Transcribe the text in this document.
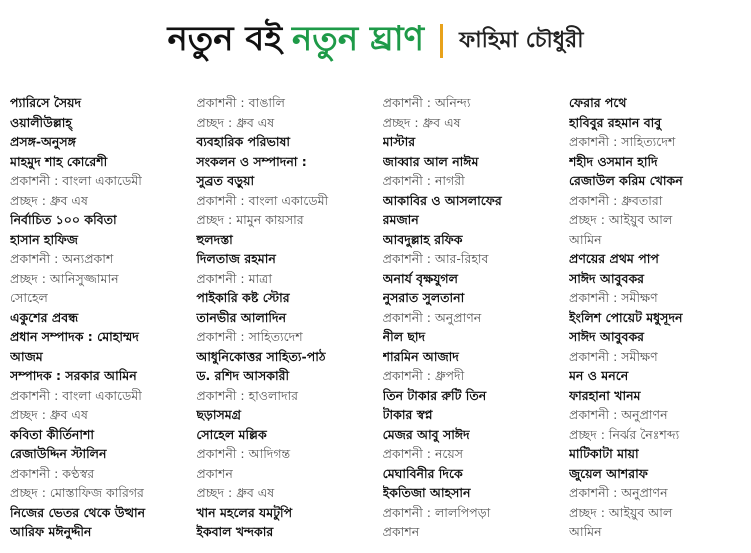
নতুন বই নতুন ঘ্রাণ ফাহিমা চৌধুরী
প্যারিসে সৈয়দ
ওয়ালীউল্লাহ্
প্রসঙ্গ-অনুসঙ্গ
মাহমুদ শাহ কোরেশী
প্রকাশনী : বাংলা একাডেমী
প্রচ্ছদ : ধ্রুব এষ
নির্বাচিত ১০০ কবিতা
হাসান হাফিজ
প্রকাশনী : অন্যপ্রকাশ
প্রচ্ছদ : আনিসুজ্জামান
সোহেল
একুশের প্রবন্ধ
প্রধান সম্পাদক : মোহাম্মদ
আজম
সম্পাদক : সরকার আমিন
প্রকাশনী : বাংলা একাডেমী
প্রচ্ছদ : ধ্রুব এষ
কবিতা কীর্তিনাশা
রেজাউদ্দিন স্টালিন
প্রকাশনী : কণ্ঠস্বর
প্রচ্ছদ : মোস্তাফিজ কারিগর
নিজের ভেতর থেকে উত্থান
আরিফ মঈনুদ্দীন
প্রকাশনী : বাঙালি
প্রচ্ছদ : ধ্রুব এষ
ব্যবহারিক পরিভাষা
সংকলন ও সম্পাদনা :
সুব্রত বড়ুয়া
প্রকাশনী : বাংলা একাডেমী
প্রচ্ছদ : মামুন কায়সার
হুলদস্তা
দিলতাজ রহমান
প্রকাশনী : মাত্রা
পাইকারি কষ্ট স্টোর
তানভীর আলাদিন
প্রকাশনী : সাহিত্যদেশ
আধুনিকোত্তর সাহিত্য-পাঠ
ড. রশিদ আসকারী
প্রকাশনী : হাওলাদার
ছড়াসমগ্র
সোহেল মল্লিক
প্রকাশনী : আদিগন্ত
প্রকাশন
প্রচ্ছদ : ধ্রুব এষ
খান মহলের যমটুপি
ইকবাল খন্দকার
প্রকাশনী : অনিন্দ্য
প্রচ্ছদ : ধ্রুব এষ
মাস্টার
জাব্বার আল নাঈম
প্রকাশনী : নাগরী
আকাবির ও আসলাফের
রমজান
আবদুল্লাহ রফিক
প্রকাশনী : আর-রিহাব
অনার্য বৃক্ষযুগল
নুসরাত সুলতানা
প্রকাশনী : অনুপ্রাণন
নীল ছাদ
শারমিন আজাদ
প্রকাশনী : ধ্রুপদী
তিন টাকার রুটি তিন
টাকার স্বপ্ন
মেজর আবু সাঈদ
প্রকাশনী : নয়েস
মেঘাবিনীর দিকে
ইকতিজা আহসান
প্রকাশনী : লালপিপড়া
প্রকাশন
ফেরার পথে
হাবিবুর রহমান বাবু
প্রকাশনী : সাহিত্যদেশ
শহীদ ওসমান হাদি
রেজাউল করিম খোকন
প্রকাশনী : ধ্রুবতারা
প্রচ্ছদ : আইয়ুব আল
আমিন
প্রণয়ের প্রথম পাপ
সাঈদ আবুবকর
প্রকাশনী : সমীক্ষণ
ইংলিশ পোয়েট মধুসূদন
সাঈদ আবুবকর
প্রকাশনী : সমীক্ষণ
মন ও মননে
ফারহানা খানম
প্রকাশনী : অনুপ্রাণন
প্রচ্ছদ : নির্ঝর নৈঃশব্দ্য
মাটিকাটা মায়া
জুয়েল আশরাফ
প্রকাশনী : অনুপ্রাণন
প্রচ্ছদ : আইয়ুব আল
আমিন
